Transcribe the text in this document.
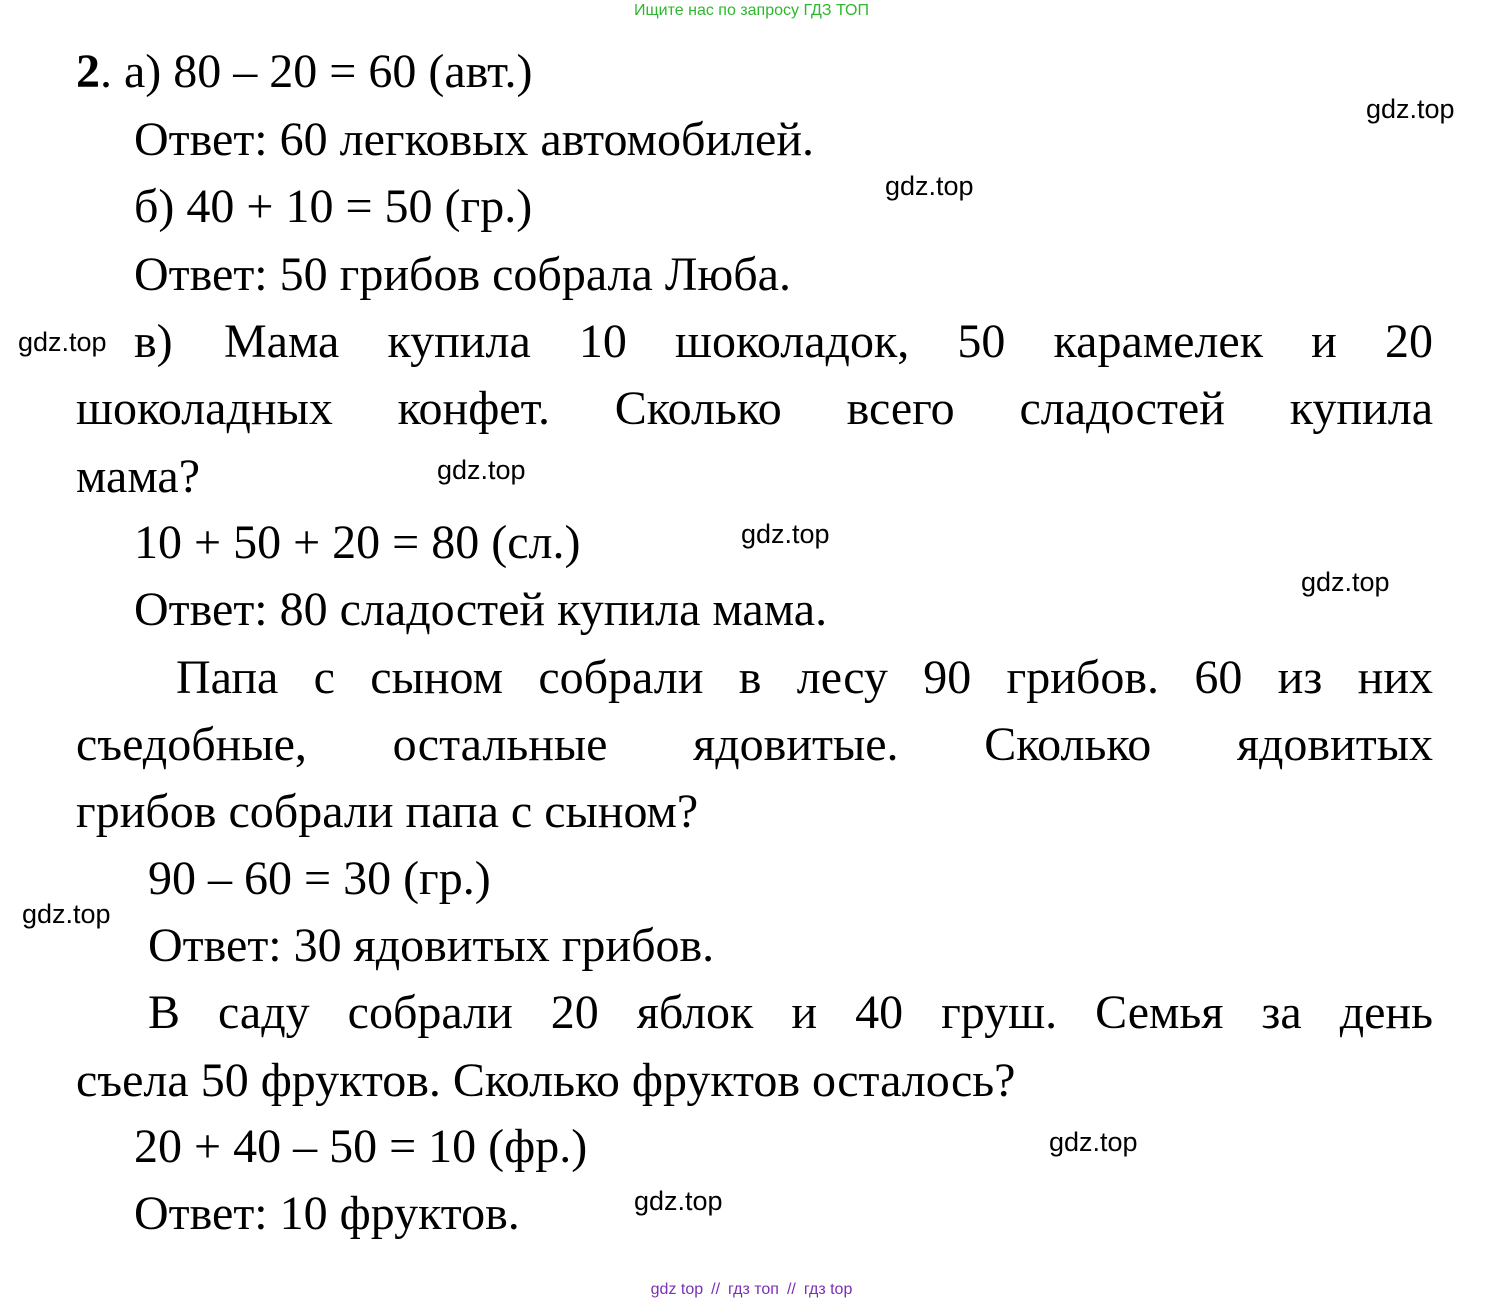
Ищите нас по запросу ГДЗ ТОП
2. а) 80 – 20 = 60 (авт.)
Ответ: 60 легковых автомобилей.
б) 40 + 10 = 50 (гр.)
Ответ: 50 грибов собрала Люба.
в) Мама купила 10 шоколадок, 50 карамелек и 20
шоколадных конфет. Сколько всего сладостей купила
мама?
10 + 50 + 20 = 80 (сл.)
Ответ: 80 сладостей купила мама.
Папа с сыном собрали в лесу 90 грибов. 60 из них
съедобные, остальные ядовитые. Сколько ядовитых
грибов собрали папа с сыном?
90 – 60 = 30 (гр.)
Ответ: 30 ядовитых грибов.
В саду собрали 20 яблок и 40 груш. Семья за день
съела 50 фруктов. Сколько фруктов осталось?
20 + 40 – 50 = 10 (фр.)
Ответ: 10 фруктов.
gdz.top
gdz.top
gdz.top
gdz.top
gdz.top
gdz.top
gdz.top
gdz.top
gdz.top
gdz top // гдз топ // гдз top
